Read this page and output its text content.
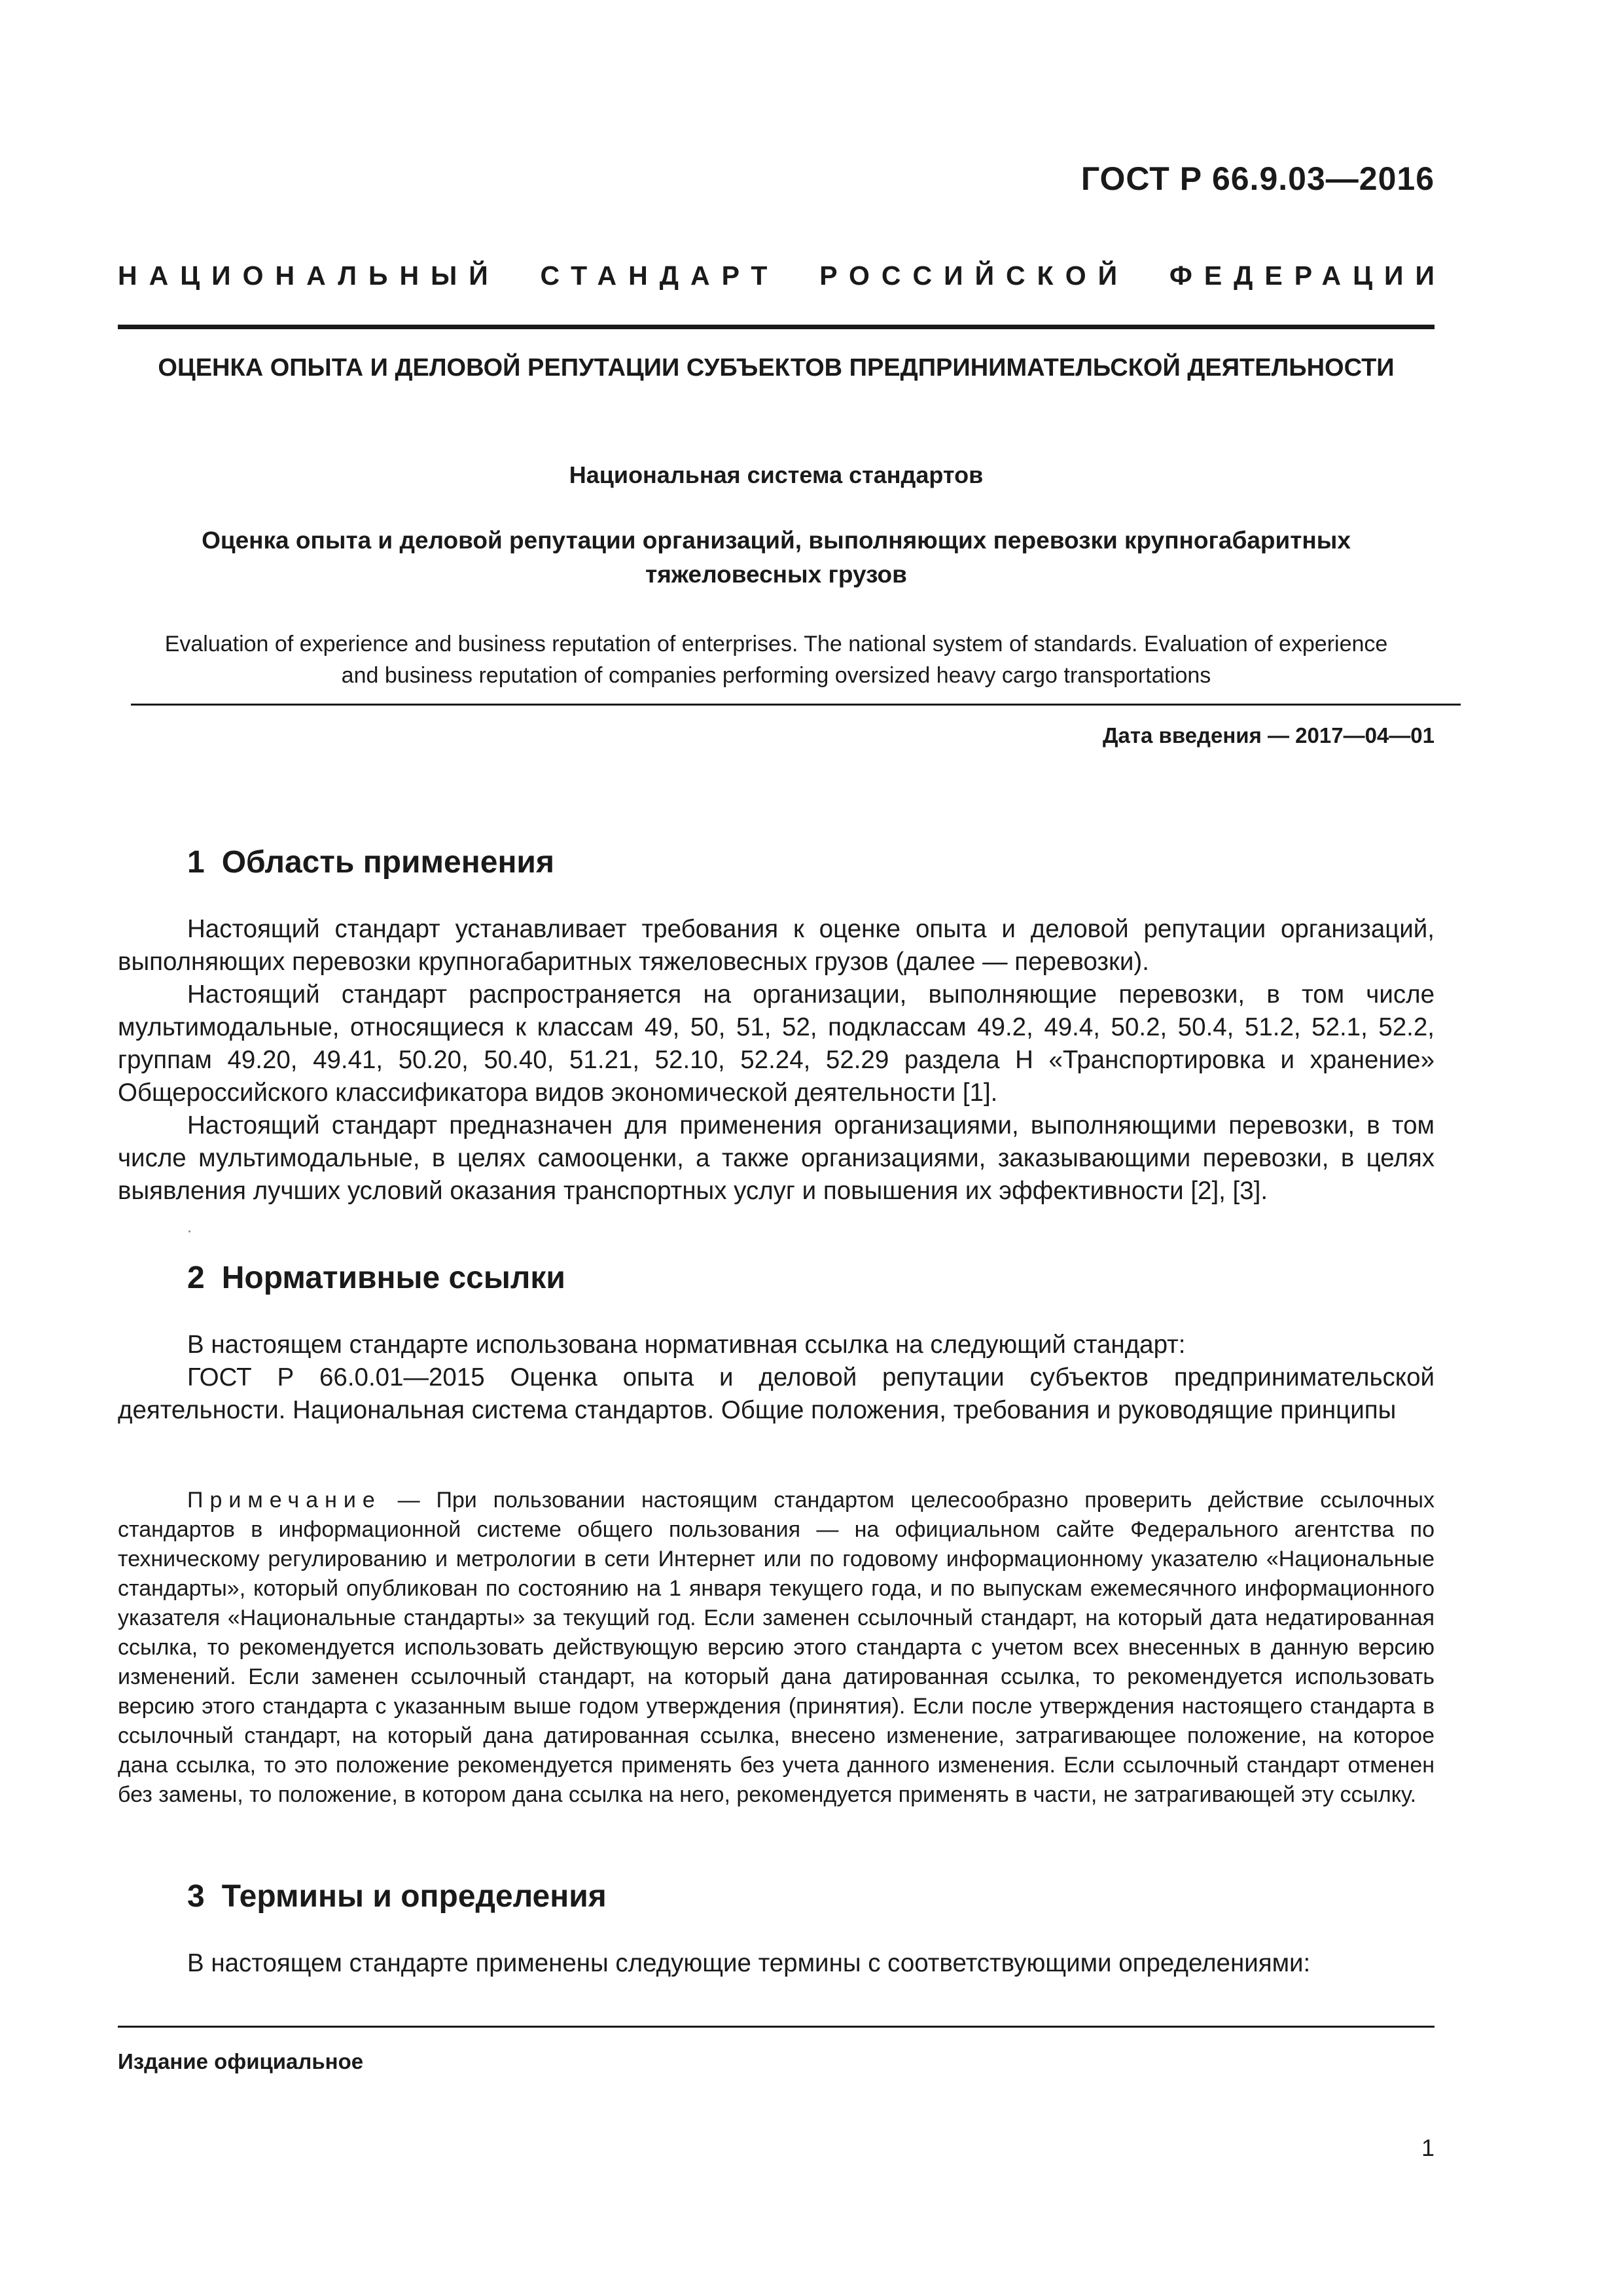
ГОСТ Р 66.9.03—2016
НАЦИОНАЛЬНЫЙ СТАНДАРТ РОССИЙСКОЙ ФЕДЕРАЦИИ
ОЦЕНКА ОПЫТА И ДЕЛОВОЙ РЕПУТАЦИИ СУБЪЕКТОВ ПРЕДПРИНИМАТЕЛЬСКОЙ ДЕЯТЕЛЬНОСТИ
Национальная система стандартов
Оценка опыта и деловой репутации организаций, выполняющих перевозки крупногабаритных тяжеловесных грузов
Evaluation of experience and business reputation of enterprises. The national system of standards. Evaluation of experience and business reputation of companies performing oversized heavy cargo transportations
Дата введения — 2017—04—01
1 Область применения

Настоящий стандарт устанавливает требования к оценке опыта и деловой репутации организаций, выполняющих перевозки крупногабаритных тяжеловесных грузов (далее — перевозки).

Настоящий стандарт распространяется на организации, выполняющие перевозки, в том числе мультимодальные, относящиеся к классам 49, 50, 51, 52, подклассам 49.2, 49.4, 50.2, 50.4, 51.2, 52.1, 52.2, группам 49.20, 49.41, 50.20, 50.40, 51.21, 52.10, 52.24, 52.29 раздела Н «Транспортировка и хранение» Общероссийского классификатора видов экономической деятельности [1].

Настоящий стандарт предназначен для применения организациями, выполняющими перевозки, в том числе мультимодальные, в целях самооценки, а также организациями, заказывающими перевозки, в целях выявления лучших условий оказания транспортных услуг и повышения их эффективности [2], [3].

2 Нормативные ссылки

В настоящем стандарте использована нормативная ссылка на следующий стандарт:

ГОСТ Р 66.0.01—2015 Оценка опыта и деловой репутации субъектов предпринимательской деятельности. Национальная система стандартов. Общие положения, требования и руководящие принципы

Примечание — При пользовании настоящим стандартом целесообразно проверить действие ссылочных стандартов в информационной системе общего пользования — на официальном сайте Федерального агентства по техническому регулированию и метрологии в сети Интернет или по годовому информационному указателю «Национальные стандарты», который опубликован по состоянию на 1 января текущего года, и по выпускам ежемесячного информационного указателя «Национальные стандарты» за текущий год. Если заменен ссылочный стандарт, на который дата недатированная ссылка, то рекомендуется использовать действующую версию этого стандарта с учетом всех внесенных в данную версию изменений. Если заменен ссылочный стандарт, на который дана датированная ссылка, то рекомендуется использовать версию этого стандарта с указанным выше годом утверждения (принятия). Если после утверждения настоящего стандарта в ссылочный стандарт, на который дана датированная ссылка, внесено изменение, затрагивающее положение, на которое дана ссылка, то это положение рекомендуется применять без учета данного изменения. Если ссылочный стандарт отменен без замены, то положение, в котором дана ссылка на него, рекомендуется применять в части, не затрагивающей эту ссылку.

3 Термины и определения

В настоящем стандарте применены следующие термины с соответствующими определениями:

Издание официальное
1
